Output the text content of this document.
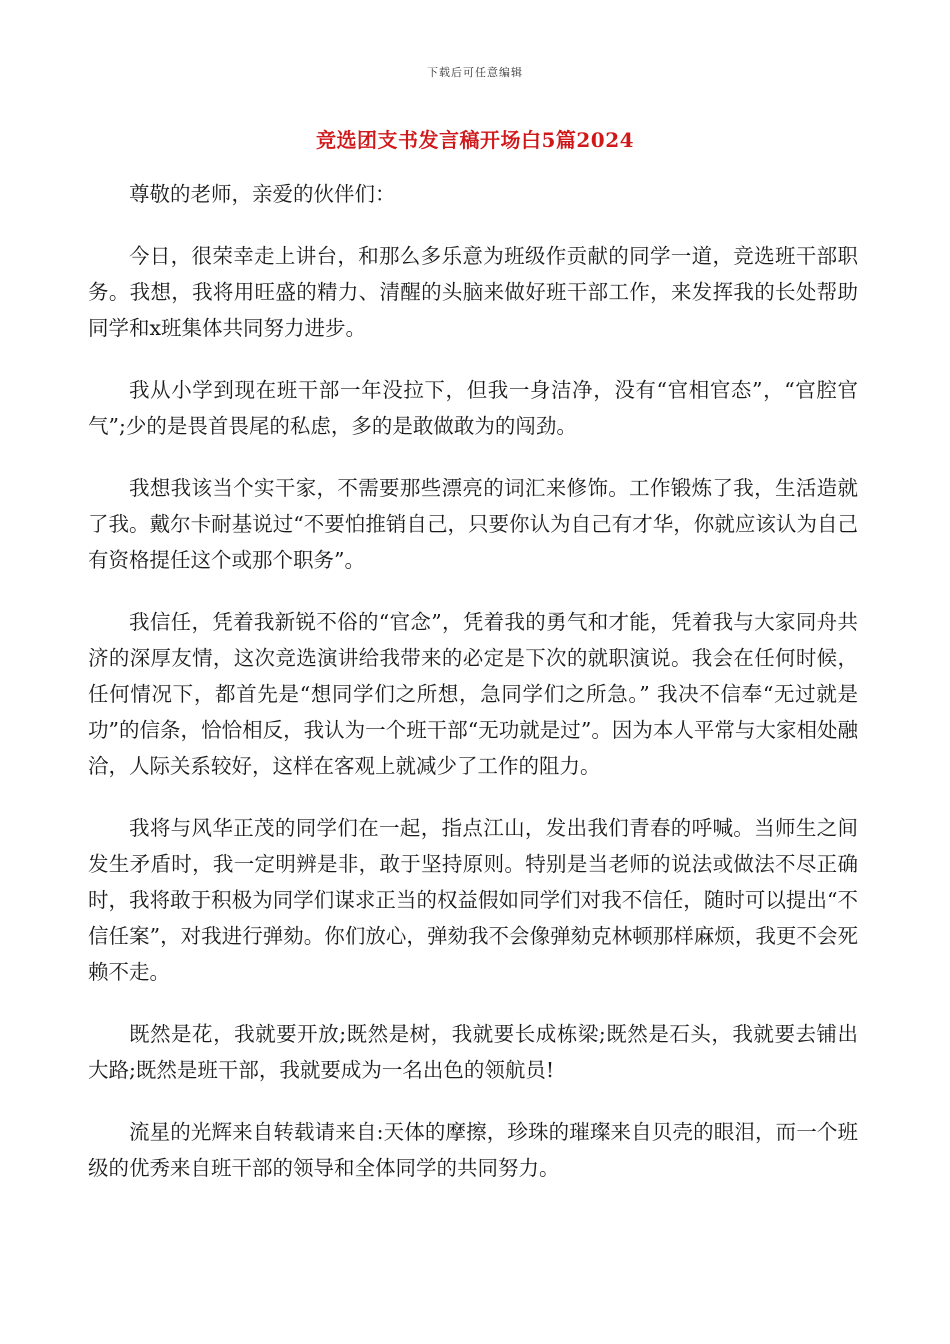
下载后可任意编辑
竞选团支书发言稿开场白5篇2024

尊敬的老师，亲爱的伙伴们：

今日，很荣幸走上讲台，和那么多乐意为班级作贡献的同学一道，竞选班干部职务。我想，我将用旺盛的精力、清醒的头脑来做好班干部工作，来发挥我的长处帮助同学和x班集体共同努力进步。

我从小学到现在班干部一年没拉下，但我一身洁净，没有“官相官态”，“官腔官气”;少的是畏首畏尾的私虑，多的是敢做敢为的闯劲。

我想我该当个实干家，不需要那些漂亮的词汇来修饰。工作锻炼了我，生活造就了我。戴尔卡耐基说过“不要怕推销自己，只要你认为自己有才华，你就应该认为自己有资格提任这个或那个职务”。

我信任，凭着我新锐不俗的“官念”，凭着我的勇气和才能，凭着我与大家同舟共济的深厚友情，这次竞选演讲给我带来的必定是下次的就职演说。我会在任何时候，任何情况下，都首先是“想同学们之所想，急同学们之所急。” 我决不信奉“无过就是功”的信条，恰恰相反，我认为一个班干部“无功就是过”。因为本人平常与大家相处融洽，人际关系较好，这样在客观上就减少了工作的阻力。

我将与风华正茂的同学们在一起，指点江山，发出我们青春的呼喊。当师生之间发生矛盾时，我一定明辨是非，敢于坚持原则。特别是当老师的说法或做法不尽正确时，我将敢于积极为同学们谋求正当的权益假如同学们对我不信任，随时可以提出“不信任案”，对我进行弹劾。你们放心，弹劾我不会像弹劾克林顿那样麻烦，我更不会死赖不走。

既然是花，我就要开放;既然是树，我就要长成栋梁;既然是石头，我就要去铺出大路;既然是班干部，我就要成为一名出色的领航员!

流星的光辉来自转载请来自:天体的摩擦，珍珠的璀璨来自贝壳的眼泪，而一个班级的优秀来自班干部的领导和全体同学的共同努力。
